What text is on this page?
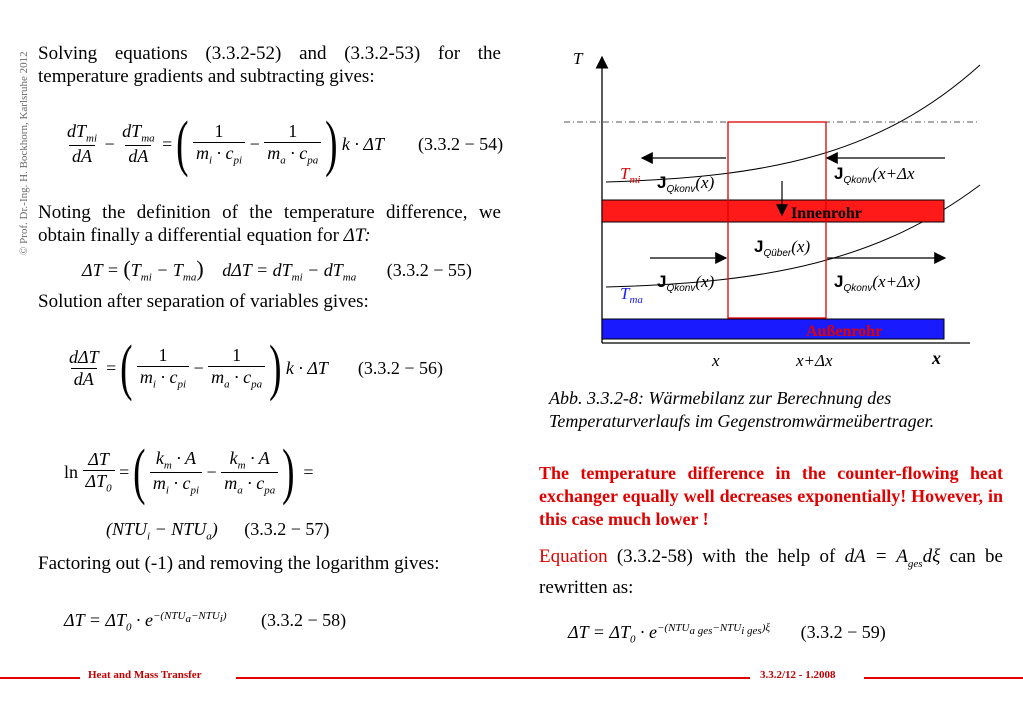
© Prof. Dr.-Ing. H. Bockhorn, Karlsruhe 2012 Solving equations (3.3.2-52) and (3.3.2-53) for the temperature gradients and subtracting gives:
$\frac{dT_{mi}}{dA} - \frac{dT_{ma}}{dA}$ = ( $\frac{1}{m_i \cdot c_{pi}} - \frac{1}{m_a \cdot c_{pa}}$ ) k · ΔT (3.3.2 − 54)
Noting the definition of the temperature difference, we obtain finally a differential equation for ΔT:
$\Delta T = (T_{mi} - T_{ma}) d\Delta T = dT_{mi} - dT_{ma}$ (3.3.2 − 55)
Solution after separation of variables gives:
$\frac{\text{dΔT}}{dA}$ = ( $\frac{1}{m_i \cdot c_{pi}} - \frac{1}{m_a \cdot c_{pa}}$ ) k · ΔT (3.3.2 − 56)
$\ln \frac{\Delta T}{\Delta T_0}$ = ( $\frac{k_m \cdot A}{m_i \cdot c_{pi}} - \frac{k_m \cdot A}{m_a \cdot c_{pa}}$ ) =
$(NTU_i - NTU_a) (3.3.2 - 57)$
Factoring out (-1) and removing the logarithm gives:
$\Delta T = \Delta T_0 \cdot e^{-(NTU_a-NTU_i)}$ (3.3.2 − 58)
T
x
x	x+Δx
$T_{mi}$
$T_{ma}$
$J_{Qkonv}(x)$	$J_{Qkonv}(x+\Delta x$
$J_{Qüber}(x)$
$J_{Qkonv}(x)$	$J_{Qkonv}(x+\Delta x)$
Innenrohr
Außenrohr
Abb. 3.3.2-8: Wärmebilanz zur Berechnung des Temperaturverlaufs im Gegenstromwärmeübertrager.
The temperature difference in the counter-flowing heat exchanger equally well decreases exponentially! However, in this case much lower !
Equation (3.3.2-58) with the help of dA = $A_{ges}d\xi$ can be rewritten as:
$\Delta T = \Delta T_0 \cdot e^{-(NTU_{a ges}-NTU_{i ges})\xi}$ (3.3.2 − 59)
Heat and Mass Transfer	3.3.2/12 - 1.2008
